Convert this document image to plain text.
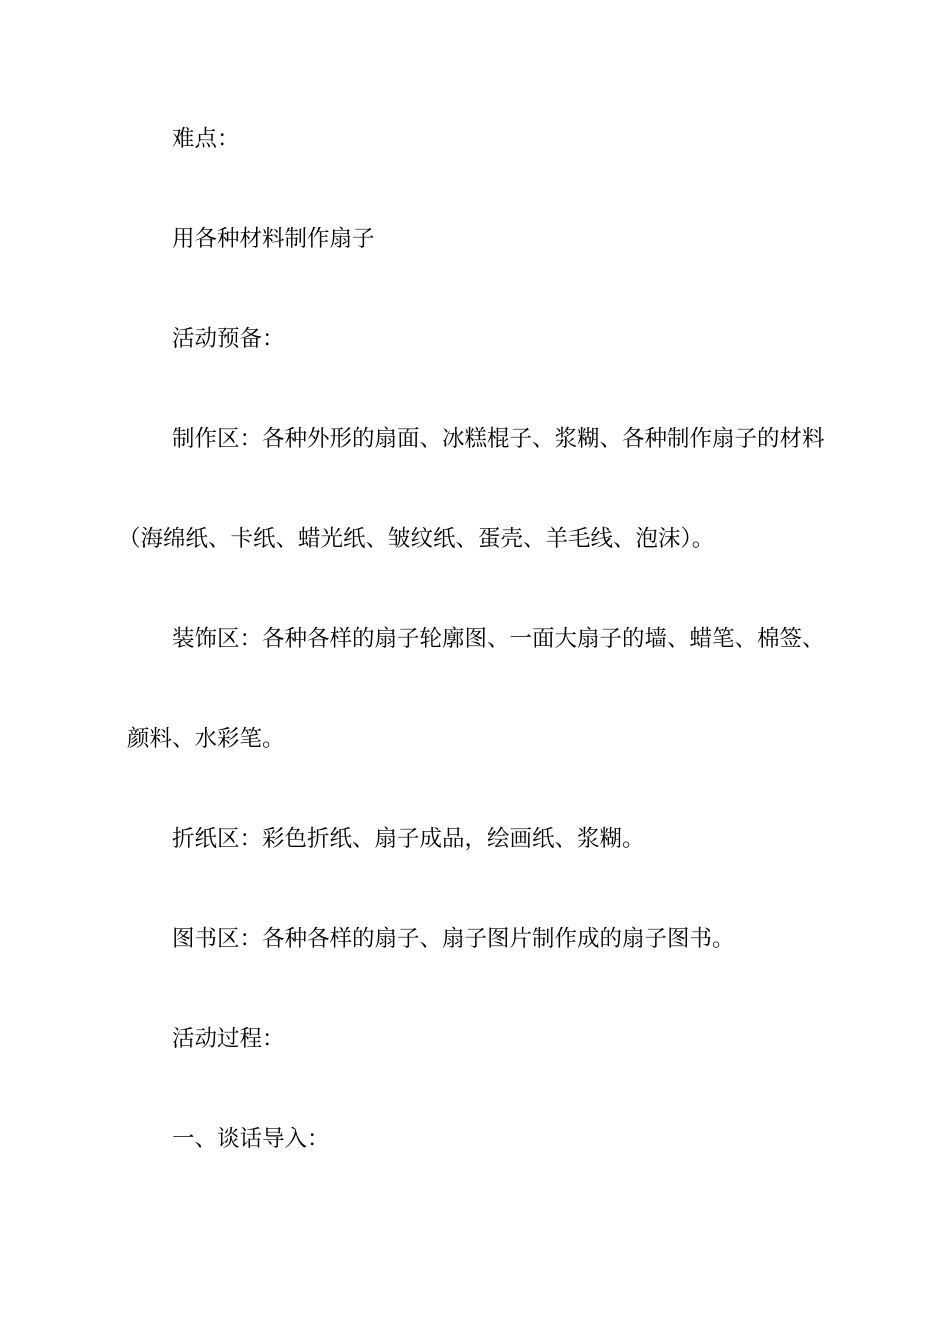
难点：
用各种材料制作扇子
活动预备：
制作区：各种外形的扇面、冰糕棍子、浆糊、各种制作扇子的材料
（海绵纸、卡纸、蜡光纸、皱纹纸、蛋壳、羊毛线、泡沫）。
装饰区：各种各样的扇子轮廓图、一面大扇子的墙、蜡笔、棉签、
颜料、水彩笔。
折纸区：彩色折纸、扇子成品，绘画纸、浆糊。
图书区：各种各样的扇子、扇子图片制作成的扇子图书。
活动过程：
一、谈话导入：
